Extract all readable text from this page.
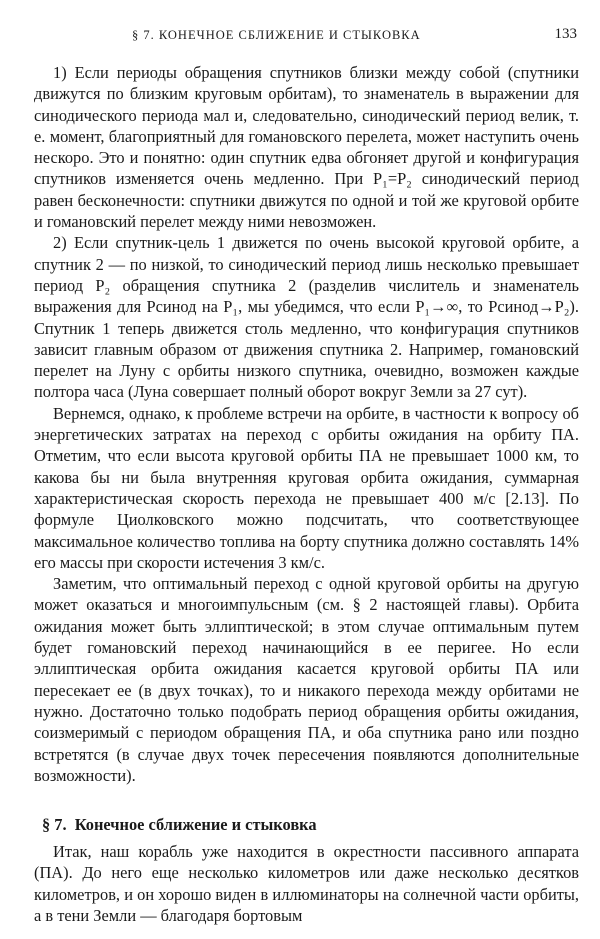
§ 7. КОНЕЧНОЕ СБЛИЖЕНИЕ И СТЫКОВКА	133

1) Если периоды обращения спутников близки между собой (спутники движутся по близким круговым орбитам), то знаменатель в выражении для синодического периода мал и, следовательно, синодический период велик, т. е. момент, благоприятный для гомановского перелета, может наступить очень нескоро. Это и понятно: один спутник едва обгоняет другой и конфигурация спутников изменяется очень медленно. При P₁=P₂ синодический период равен бесконечности: спутники движутся по одной и той же круговой орбите и гомановский перелет между ними невозможен.

2) Если спутник-цель 1 движется по очень высокой круговой орбите, а спутник 2 — по низкой, то синодический период лишь несколько превышает период P₂ обращения спутника 2 (разделив числитель и знаменатель выражения для Pсинод на P₁, мы убедимся, что если P₁→∞, то Pсинод→P₂). Спутник 1 теперь движется столь медленно, что конфигурация спутников зависит главным образом от движения спутника 2. Например, гомановский перелет на Луну с орбиты низкого спутника, очевидно, возможен каждые полтора часа (Луна совершает полный оборот вокруг Земли за 27 сут).

Вернемся, однако, к проблеме встречи на орбите, в частности к вопросу об энергетических затратах на переход с орбиты ожидания на орбиту ПА. Отметим, что если высота круговой орбиты ПА не превышает 1000 км, то какова бы ни была внутренняя круговая орбита ожидания, суммарная характеристическая скорость перехода не превышает 400 м/с [2.13]. По формуле Циолковского можно подсчитать, что соответствующее максимальное количество топлива на борту спутника должно составлять 14% его массы при скорости истечения 3 км/с.

Заметим, что оптимальный переход с одной круговой орбиты на другую может оказаться и многоимпульсным (см. § 2 настоящей главы). Орбита ожидания может быть эллиптической; в этом случае оптимальным путем будет гомановский переход начинающийся в ее перигее. Но если эллиптическая орбита ожидания касается круговой орбиты ПА или пересекает ее (в двух точках), то и никакого перехода между орбитами не нужно. Достаточно только подобрать период обращения орбиты ожидания, соизмеримый с периодом обращения ПА, и оба спутника рано или поздно встретятся (в случае двух точек пересечения появляются дополнительные возможности).

§ 7. Конечное сближение и стыковка

Итак, наш корабль уже находится в окрестности пассивного аппарата (ПА). До него еще несколько километров или даже несколько десятков километров, и он хорошо виден в иллюминаторы на солнечной части орбиты, а в тени Земли — благодаря бортовым
